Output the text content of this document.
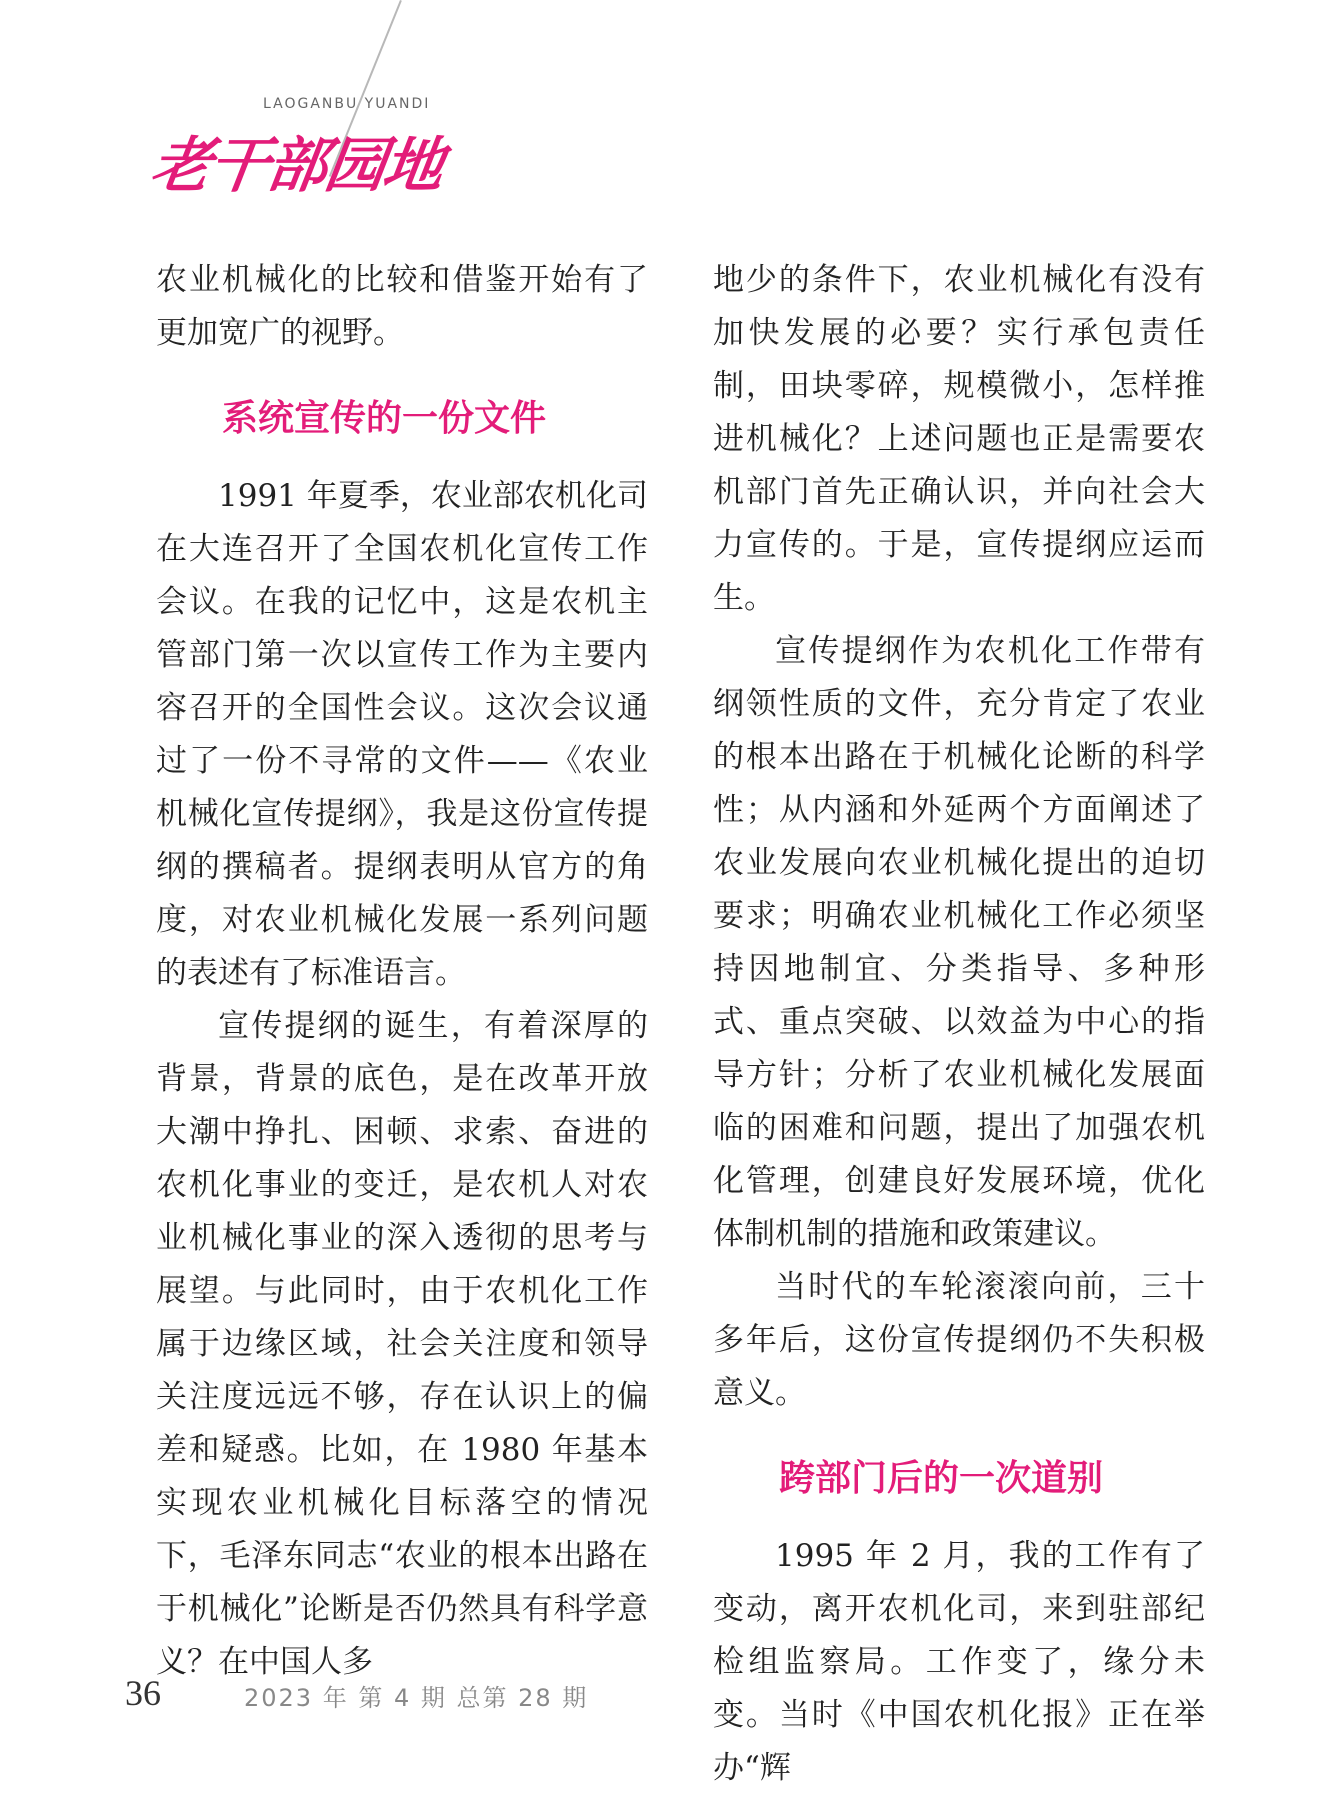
LAOGANBU YUANDI
老干部园地

农业机械化的比较和借鉴开始有了更加宽广的视野。

系统宣传的一份文件

1991 年夏季，农业部农机化司在大连召开了全国农机化宣传工作会议。在我的记忆中，这是农机主管部门第一次以宣传工作为主要内容召开的全国性会议。这次会议通过了一份不寻常的文件——《农业机械化宣传提纲》，我是这份宣传提纲的撰稿者。提纲表明从官方的角度，对农业机械化发展一系列问题的表述有了标准语言。

宣传提纲的诞生，有着深厚的背景，背景的底色，是在改革开放大潮中挣扎、困顿、求索、奋进的农机化事业的变迁，是农机人对农业机械化事业的深入透彻的思考与展望。与此同时，由于农机化工作属于边缘区域，社会关注度和领导关注度远远不够，存在认识上的偏差和疑惑。比如，在 1980 年基本实现农业机械化目标落空的情况下，毛泽东同志“农业的根本出路在于机械化”论断是否仍然具有科学意义？在中国人多

地少的条件下，农业机械化有没有加快发展的必要？实行承包责任制，田块零碎，规模微小，怎样推进机械化？上述问题也正是需要农机部门首先正确认识，并向社会大力宣传的。于是，宣传提纲应运而生。

宣传提纲作为农机化工作带有纲领性质的文件，充分肯定了农业的根本出路在于机械化论断的科学性；从内涵和外延两个方面阐述了农业发展向农业机械化提出的迫切要求；明确农业机械化工作必须坚持因地制宜、分类指导、多种形式、重点突破、以效益为中心的指导方针；分析了农业机械化发展面临的困难和问题，提出了加强农机化管理，创建良好发展环境，优化体制机制的措施和政策建议。

当时代的车轮滚滚向前，三十多年后，这份宣传提纲仍不失积极意义。

跨部门后的一次道别

1995 年 2 月，我的工作有了变动，离开农机化司，来到驻部纪检组监察局。工作变了，缘分未变。当时《中国农机化报》正在举办“辉

36	2023 年 第 4 期 总第 28 期
